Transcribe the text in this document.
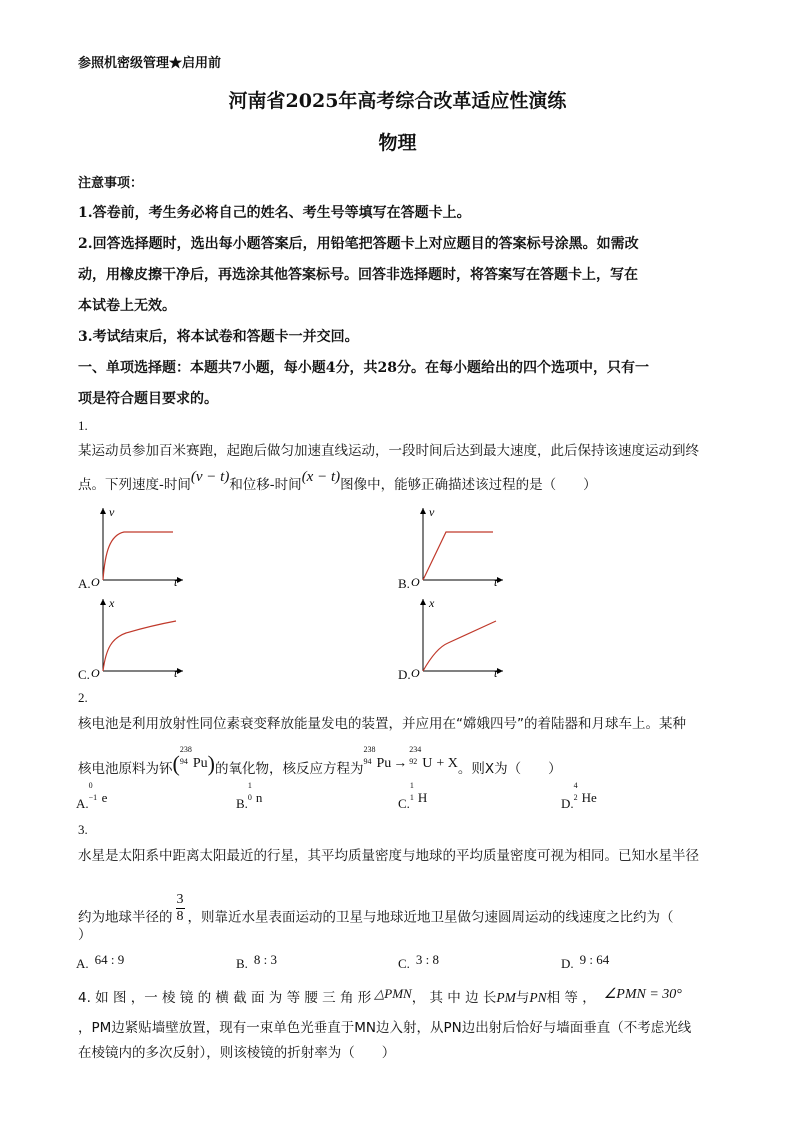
参照机密级管理★启用前
河南省2025年高考综合改革适应性演练
物理
注意事项：
1.答卷前，考生务必将自己的姓名、考生号等填写在答题卡上。
2.回答选择题时，选出每小题答案后，用铅笔把答题卡上对应题目的答案标号涂黑。如需改
动，用橡皮擦干净后，再选涂其他答案标号。回答非选择题时，将答案写在答题卡上，写在
本试卷上无效。
3.考试结束后，将本试卷和答题卡一并交回。
一、单项选择题：本题共7小题，每小题4分，共28分。在每小题给出的四个选项中，只有一
项是符合题目要求的。
1.
某运动员参加百米赛跑，起跑后做匀加速直线运动，一段时间后达到最大速度，此后保持该速度运动到终
点。下列速度-时间(v − t)和位移-时间(x − t)图像中，能够正确描述该过程的是（　　）
A.
v
O	t	B.
v
O	t
C.
x
O	t	D.
x
O	t
2.
核电池是利用放射性同位素衰变释放能量发电的装置，并应用在“嫦娥四号”的着陆器和月球车上。某种
核电池原料为钚(
238
94 Pu)的氧化物，核反应方程为
238
94 Pu →
234
92 U + X。则X为（　　）
A.
0
−1 e	B.
1
0 n	C.
1
1 H	D.
4
2 He
3.
水星是太阳系中距离太阳最近的行星，其平均质量密度与地球的平均质量密度可视为相同。已知水星半径
约为地球半径的 $\frac{3}{8}$ ，则靠近水星表面运动的卫星与地球近地卫星做匀速圆周运动的线速度之比约为（
）
A. 64 : 9	B. 8 : 3	C. 3 : 8	D. 9 : 64
4. 如 图 ，一 棱 镜 的 横 截 面 为 等 腰 三 角 形 △PMN， 其 中 边 长PM与PN相 等 ， ∠PMN = 30°
，PM边紧贴墙壁放置，现有一束单色光垂直于MN边入射，从PN边出射后恰好与墙面垂直（不考虑光线
在棱镜内的多次反射），则该棱镜的折射率为（　　）
